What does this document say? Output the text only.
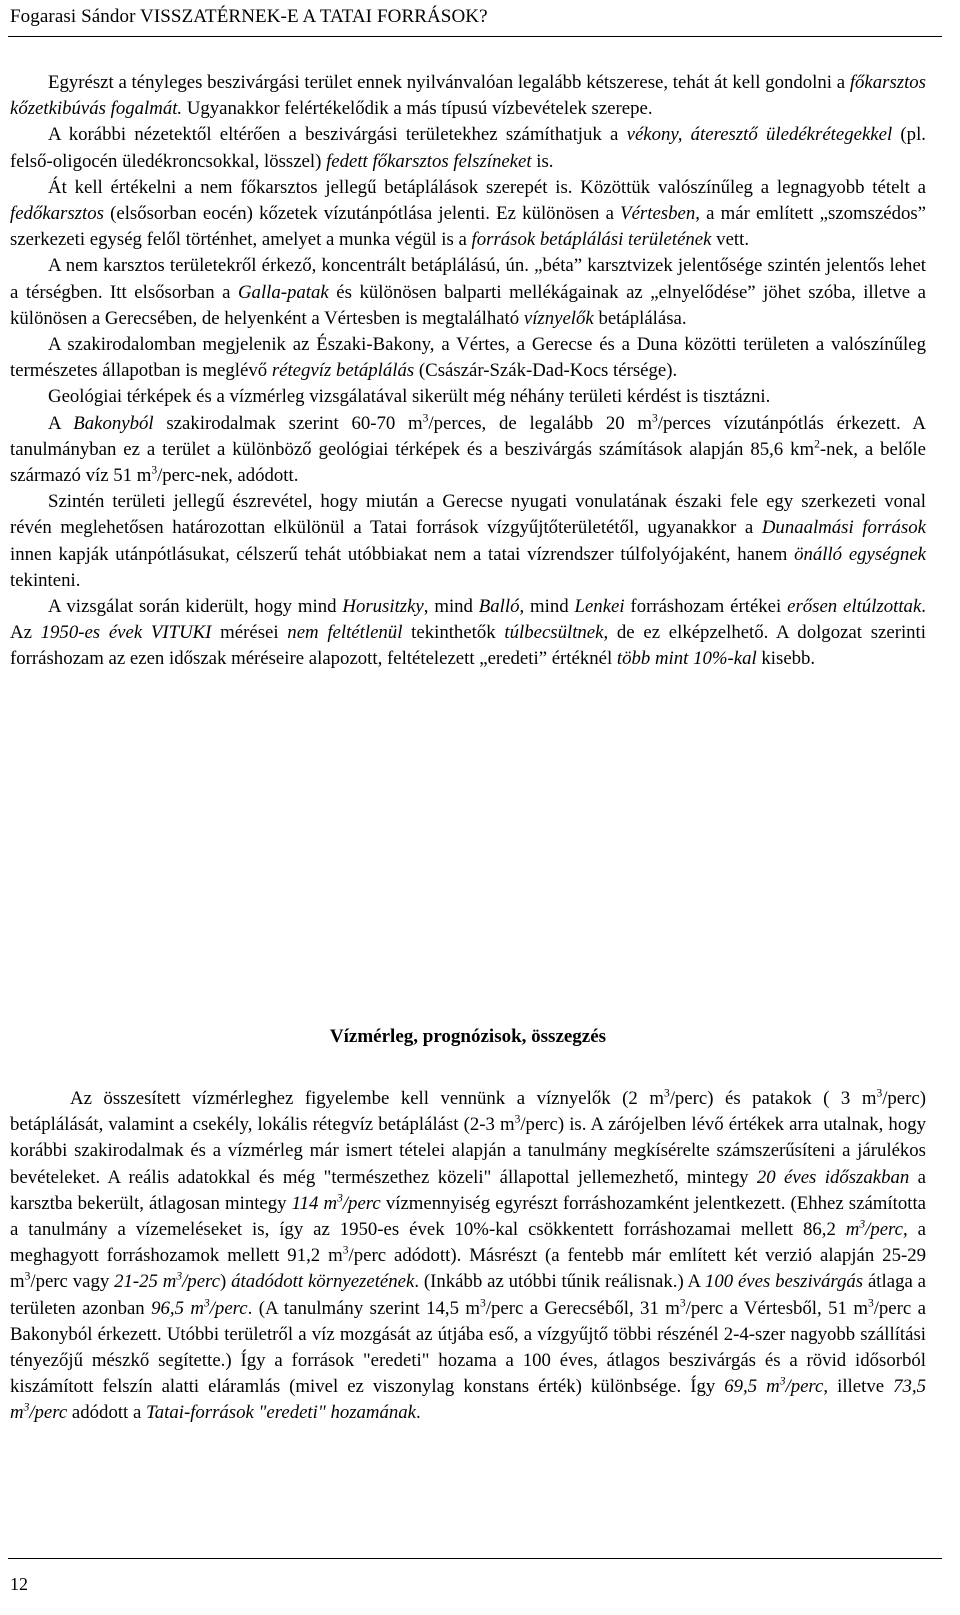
Fogarasi Sándor VISSZATÉRNEK-E A TATAI FORRÁSOK?

Egyrészt a tényleges beszivárgási terület ennek nyilvánvalóan legalább kétszerese, tehát át kell gondolni a főkarsztos kőzetkibúvás fogalmát. Ugyanakkor felértékelődik a más típusú vízbevételek szerepe.

A korábbi nézetektől eltérően a beszivárgási területekhez számíthatjuk a vékony, áteresztő üledékrétegekkel (pl. felső-oligocén üledékroncsokkal, lösszel) fedett főkarsztos felszíneket is.

Át kell értékelni a nem főkarsztos jellegű betáplálások szerepét is. Közöttük valószínűleg a legnagyobb tételt a fedőkarsztos (elsősorban eocén) kőzetek vízutánpótlása jelenti. Ez különösen a Vértesben, a már említett „szomszédos” szerkezeti egység felől történhet, amelyet a munka végül is a források betáplálási területének vett.

A nem karsztos területekről érkező, koncentrált betáplálású, ún. „béta” karsztvizek jelentősége szintén jelentős lehet a térségben. Itt elsősorban a Galla-patak és különösen balparti mellékágainak az „elnyelődése” jöhet szóba, illetve a különösen a Gerecsében, de helyenként a Vértesben is megtalálható víznyelők betáplálása.

A szakirodalomban megjelenik az Északi-Bakony, a Vértes, a Gerecse és a Duna közötti területen a valószínűleg természetes állapotban is meglévő rétegvíz betáplálás (Császár-Szák-Dad-Kocs térsége).

Geológiai térképek és a vízmérleg vizsgálatával sikerült még néhány területi kérdést is tisztázni.

A Bakonyból szakirodalmak szerint 60-70 $m^3$/perces, de legalább 20 $m^3$/perces vízutánpótlás érkezett. A tanulmányban ez a terület a különböző geológiai térképek és a beszivárgás számítások alapján 85,6 $km^2$-nek, a belőle származó víz 51 $m^3/perc$-nek, adódott.

Szintén területi jellegű észrevétel, hogy miután a Gerecse nyugati vonulatának északi fele egy szerkezeti vonal révén meglehetősen határozottan elkülönül a Tatai források vízgyűjtőterületétől, ugyanakkor a Dunaalmási források innen kapják utánpótlásukat, célszerű tehát utóbbiakat nem a tatai vízrendszer túlfolyójaként, hanem önálló egységnek tekinteni.

A vizsgálat során kiderült, hogy mind Horusitzky, mind Balló, mind Lenkei forráshozam értékei erősen eltúlzottak. Az 1950-es évek VITUKI mérései nem feltétlenül tekinthetők túlbecsültnek, de ez elképzelhető. A dolgozat szerinti forráshozam az ezen időszak méréseire alapozott, feltételezett „eredeti” értéknél több mint 10%-kal kisebb.

Vízmérleg, prognózisok, összegzés

Az összesített vízmérleghez figyelembe kell vennünk a víznyelők (2 $m^3/perc$) és patakok ( 3 $m^3/perc$) betáplálását, valamint a csekély, lokális rétegvíz betáplálást (2-3 $m^3/perc$) is. A zárójelben lévő értékek arra utalnak, hogy korábbi szakirodalmak és a vízmérleg már ismert tételei alapján a tanulmány megkísérelte számszerűsíteni a járulékos bevételeket. A reális adatokkal és még "természethez közeli" állapottal jellemezhető, mintegy 20 éves időszakban a karsztba bekerült, átlagosan mintegy 114 $m^3$/perc vízmennyiség egyrészt forráshozamként jelentkezett. (Ehhez számította a tanulmány a vízemeléseket is, így az 1950-es évek 10%-kal csökkentett forráshozamai mellett 86,2 $m^3$/perc, a meghagyott forráshozamok mellett 91,2 $m^3$/perc adódott). Másrészt (a fentebb már említett két verzió alapján 25-29 $m^3$/perc vagy 21-25 $m^3/perc$) átadódott környezetének. (Inkább az utóbbi tűnik reálisnak.) A 100 éves beszivárgás átlaga a területen azonban 96,5 $m^3$/perc. (A tanulmány szerint 14,5 $m^3$/perc a Gerecséből, 31 $m^3$/perc a Vértesből, 51 $m^3$/perc a Bakonyból érkezett. Utóbbi területről a víz mozgását az útjába eső, a vízgyűjtő többi részénél 2-4-szer nagyobb szállítási tényezőjű mészkő segítette.) Így a források "eredeti" hozama a 100 éves, átlagos beszivárgás és a rövid idősorból kiszámított felszín alatti eláramlás (mivel ez viszonylag konstans érték) különbsége. Így 69,5 $m^3$/perc, illetve 73,5 $m^3$/perc adódott a Tatai-források "eredeti" hozamának.

12
